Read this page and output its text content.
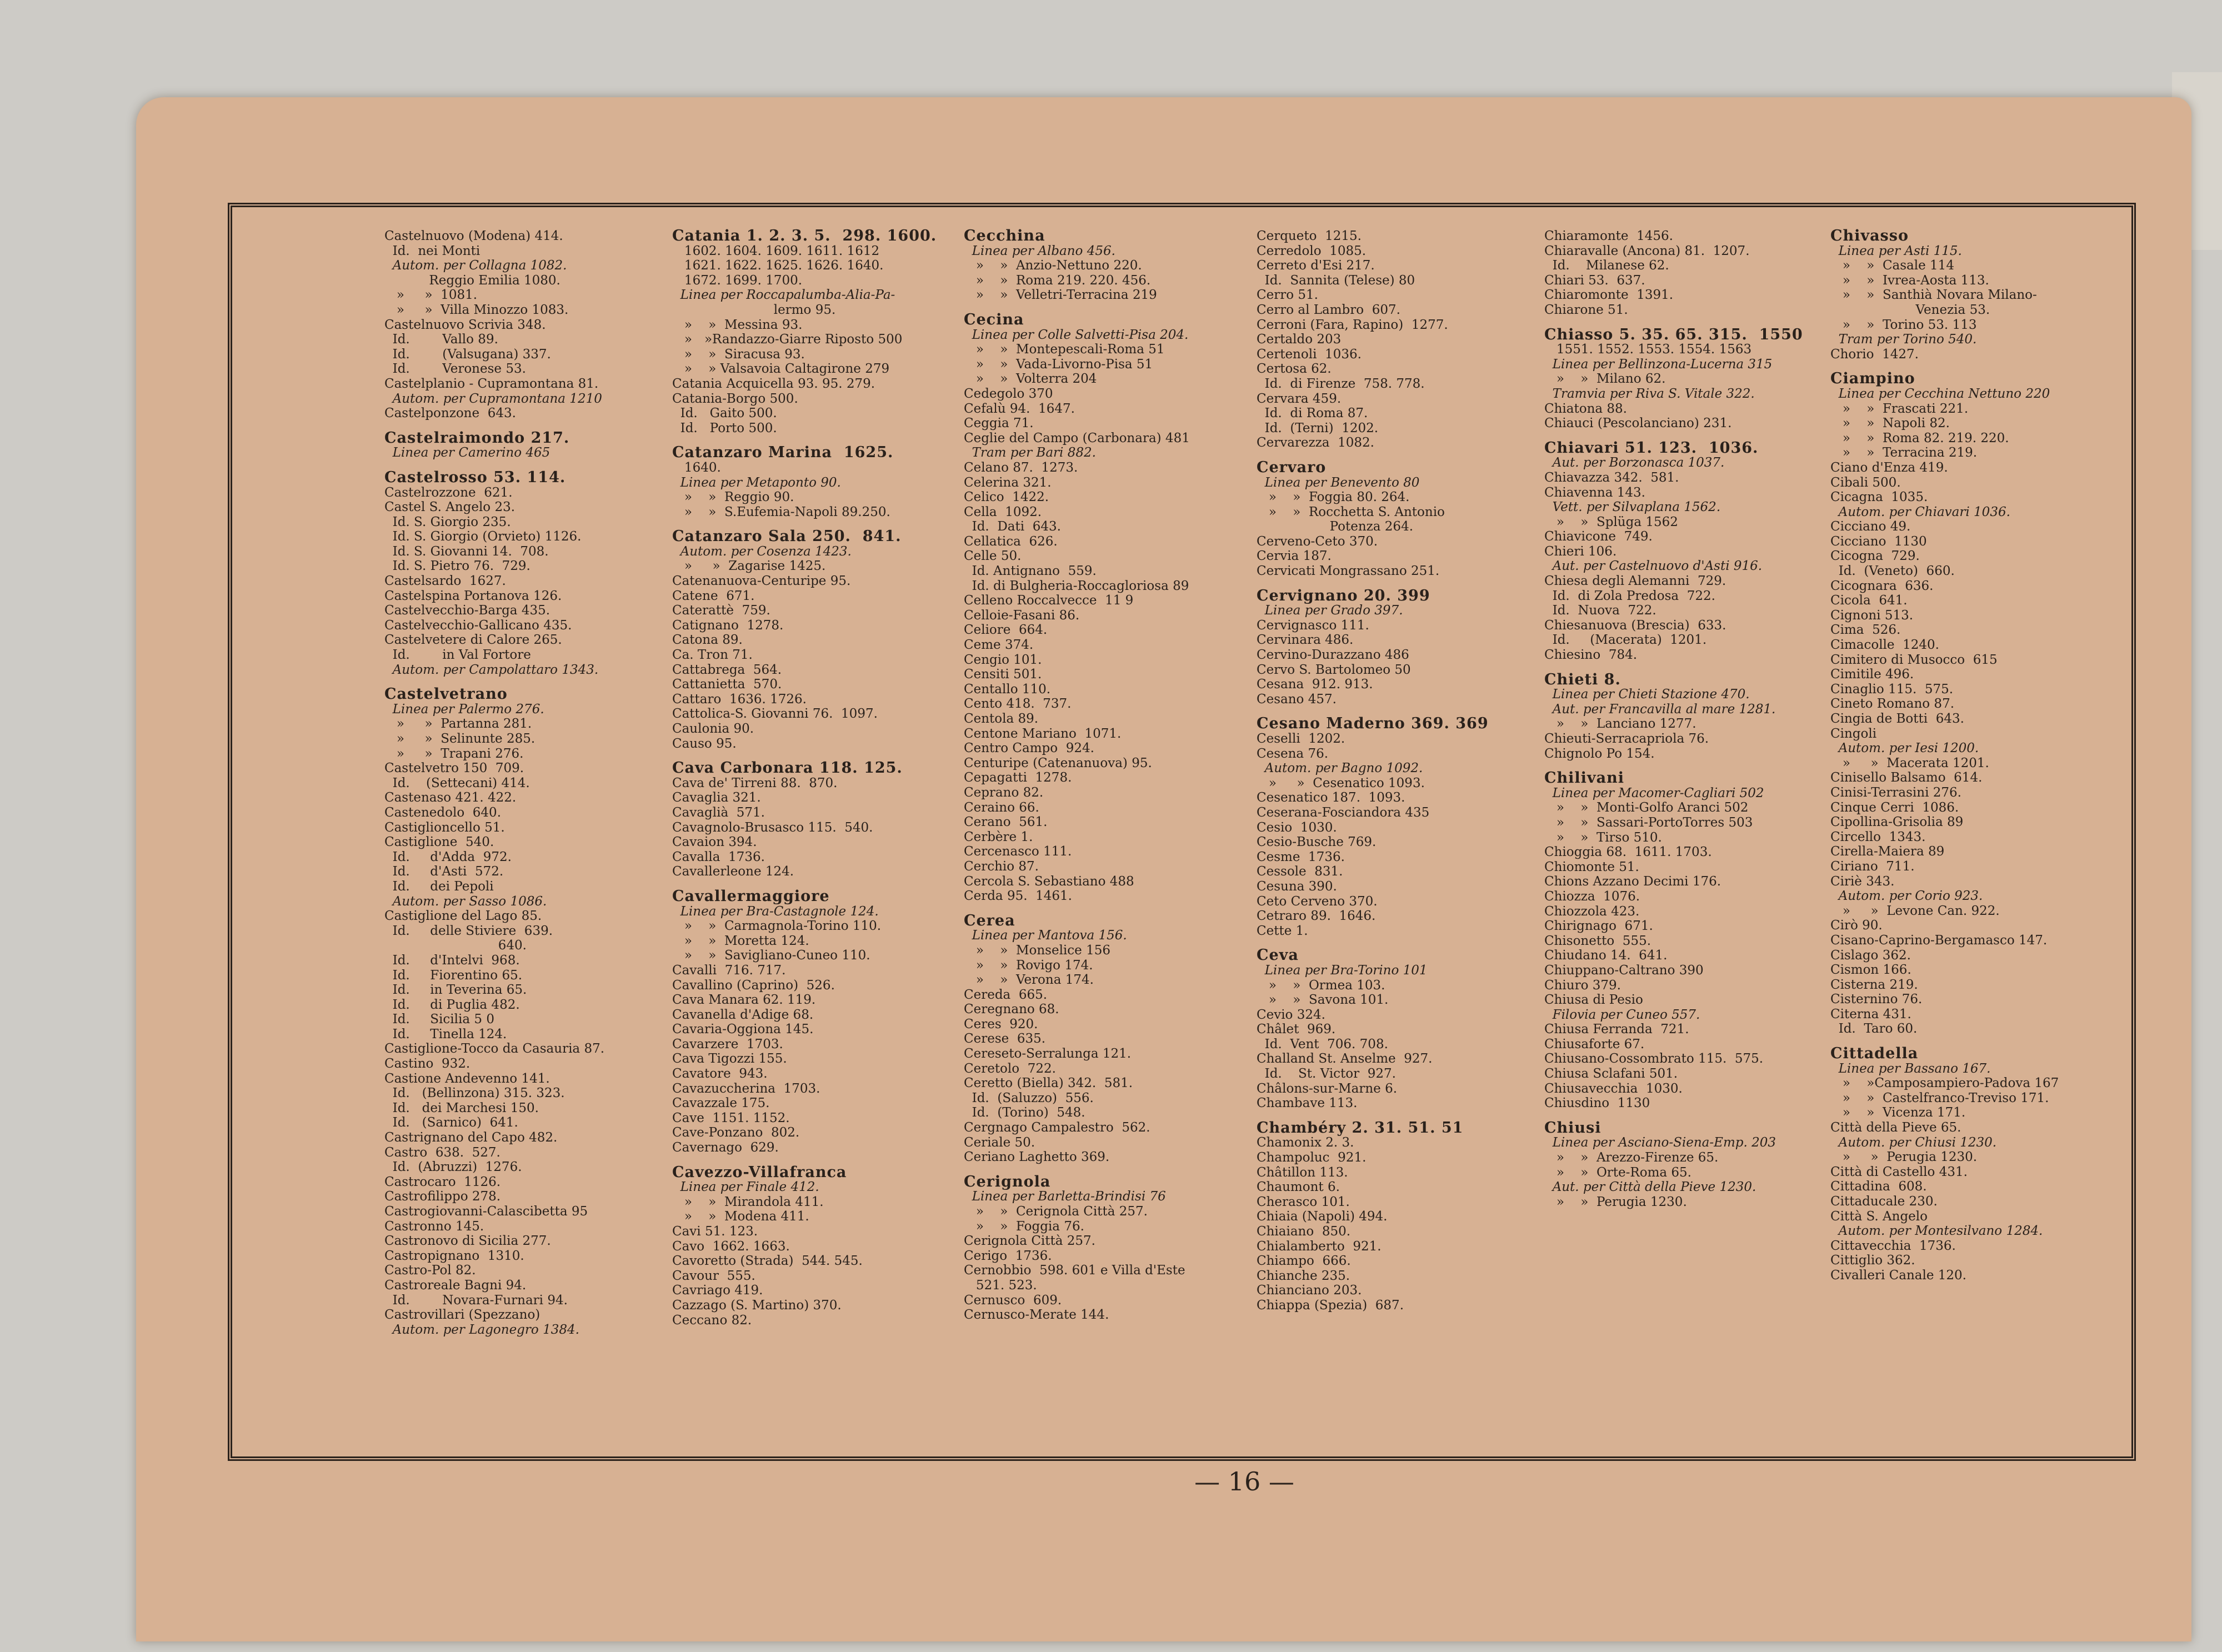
Castelnuovo (Modena) 414.
Id.  nei Monti
Autom. per Collagna 1082.
Reggio Emilia 1080.
»     »  1081.
»     »  Villa Minozzo 1083.
Castelnuovo Scrivia 348.
Id.        Vallo 89.
Id.        (Valsugana) 337.
Id.        Veronese 53.
Castelplanio - Cupramontana 81.
Autom. per Cupramontana 1210
Castelponzone  643.
Castelraimondo 217.
Linea per Camerino 465
Castelrosso 53. 114.
Castelrozzone  621.
Castel S. Angelo 23.
Id. S. Giorgio 235.
Id. S. Giorgio (Orvieto) 1126.
Id. S. Giovanni 14.  708.
Id. S. Pietro 76.  729.
Castelsardo  1627.
Castelspina Portanova 126.
Castelvecchio-Barga 435.
Castelvecchio-Gallicano 435.
Castelvetere di Calore 265.
Id.        in Val Fortore
Autom. per Campolattaro 1343.
Castelvetrano
Linea per Palermo 276.
»     »  Partanna 281.
»     »  Selinunte 285.
»     »  Trapani 276.
Castelvetro 150  709.
Id.    (Settecani) 414.
Castenaso 421. 422.
Castenedolo  640.
Castiglioncello 51.
Castiglione  540.
Id.     d'Adda  972.
Id.     d'Asti  572.
Id.     dei Pepoli
Autom. per Sasso 1086.
Castiglione del Lago 85.
Id.     delle Stiviere  639.
640.
Id.     d'Intelvi  968.
Id.     Fiorentino 65.
Id.     in Teverina 65.
Id.     di Puglia 482.
Id.     Sicilia 5 0
Id.     Tinella 124.
Castiglione-Tocco da Casauria 87.
Castino  932.
Castione Andevenno 141.
Id.   (Bellinzona) 315. 323.
Id.   dei Marchesi 150.
Id.   (Sarnico)  641.
Castrignano del Capo 482.
Castro  638.  527.
Id.  (Abruzzi)  1276.
Castrocaro  1126.
Castrofilippo 278.
Castrogiovanni-Calascibetta 95
Castronno 145.
Castronovo di Sicilia 277.
Castropignano  1310.
Castro-Pol 82.
Castroreale Bagni 94.
Id.        Novara-Furnari 94.
Castrovillari (Spezzano)
Autom. per Lagonegro 1384.
Catania 1. 2. 3. 5.  298. 1600.
1602. 1604. 1609. 1611. 1612
1621. 1622. 1625. 1626. 1640.
1672. 1699. 1700.
Linea per Roccapalumba-Alia-Pa-
lermo 95.
»    »  Messina 93.
»   »Randazzo-Giarre Riposto 500
»    »  Siracusa 93.
»    » Valsavoia Caltagirone 279
Catania Acquicella 93. 95. 279.
Catania-Borgo 500.
Id.   Gaito 500.
Id.   Porto 500.
Catanzaro Marina  1625.
1640.
Linea per Metaponto 90.
»    »  Reggio 90.
»    »  S.Eufemia-Napoli 89.250.
Catanzaro Sala 250.  841.
Autom. per Cosenza 1423.
»     »  Zagarise 1425.
Catenanuova-Centuripe 95.
Catene  671.
Caterattè  759.
Catignano  1278.
Catona 89.
Ca. Tron 71.
Cattabrega  564.
Cattanietta  570.
Cattaro  1636. 1726.
Cattolica-S. Giovanni 76.  1097.
Caulonia 90.
Causo 95.
Cava Carbonara 118. 125.
Cava de' Tirreni 88.  870.
Cavaglia 321.
Cavaglià  571.
Cavagnolo-Brusasco 115.  540.
Cavaion 394.
Cavalla  1736.
Cavallerleone 124.
Cavallermaggiore
Linea per Bra-Castagnole 124.
»    »  Carmagnola-Torino 110.
»    »  Moretta 124.
»    »  Savigliano-Cuneo 110.
Cavalli  716. 717.
Cavallino (Caprino)  526.
Cava Manara 62. 119.
Cavanella d'Adige 68.
Cavaria-Oggiona 145.
Cavarzere  1703.
Cava Tigozzi 155.
Cavatore  943.
Cavazuccherina  1703.
Cavazzale 175.
Cave  1151. 1152.
Cave-Ponzano  802.
Cavernago  629.
Cavezzo-Villafranca
Linea per Finale 412.
»    »  Mirandola 411.
»    »  Modena 411.
Cavi 51. 123.
Cavo  1662. 1663.
Cavoretto (Strada)  544. 545.
Cavour  555.
Cavriago 419.
Cazzago (S. Martino) 370.
Ceccano 82.
Cecchina
Linea per Albano 456.
»    »  Anzio-Nettuno 220.
»    »  Roma 219. 220. 456.
»    »  Velletri-Terracina 219
Cecina
Linea per Colle Salvetti-Pisa 204.
»    »  Montepescali-Roma 51
»    »  Vada-Livorno-Pisa 51
»    »  Volterra 204
Cedegolo 370
Cefalù 94.  1647.
Ceggia 71.
Ceglie del Campo (Carbonara) 481
Tram per Bari 882.
Celano 87.  1273.
Celerina 321.
Celico  1422.
Cella  1092.
Id.  Dati  643.
Cellatica  626.
Celle 50.
Id. Antignano  559.
Id. di Bulgheria-Roccagloriosa 89
Celleno Roccalvecce  11 9
Celloie-Fasani 86.
Celiore  664.
Ceme 374.
Cengio 101.
Censiti 501.
Centallo 110.
Cento 418.  737.
Centola 89.
Centone Mariano  1071.
Centro Campo  924.
Centuripe (Catenanuova) 95.
Cepagatti  1278.
Ceprano 82.
Ceraino 66.
Cerano  561.
Cerbère 1.
Cercenasco 111.
Cerchio 87.
Cercola S. Sebastiano 488
Cerda 95.  1461.
Cerea
Linea per Mantova 156.
»    »  Monselice 156
»    »  Rovigo 174.
»    »  Verona 174.
Cereda  665.
Ceregnano 68.
Ceres  920.
Cerese  635.
Cereseto-Serralunga 121.
Ceretolo  722.
Ceretto (Biella) 342.  581.
Id.  (Saluzzo)  556.
Id.  (Torino)  548.
Cergnago Campalestro  562.
Ceriale 50.
Ceriano Laghetto 369.
Cerignola
Linea per Barletta-Brindisi 76
»    »  Cerignola Città 257.
»    »  Foggia 76.
Cerignola Città 257.
Cerigo  1736.
Cernobbio  598. 601 e Villa d'Este
521. 523.
Cernusco  609.
Cernusco-Merate 144.
Cerqueto  1215.
Cerredolo  1085.
Cerreto d'Esi 217.
Id.  Sannita (Telese) 80
Cerro 51.
Cerro al Lambro  607.
Cerroni (Fara, Rapino)  1277.
Certaldo 203
Certenoli  1036.
Certosa 62.
Id.  di Firenze  758. 778.
Cervara 459.
Id.  di Roma 87.
Id.  (Terni)  1202.
Cervarezza  1082.
Cervaro
Linea per Benevento 80
»    »  Foggia 80. 264.
»    »  Rocchetta S. Antonio
Potenza 264.
Cerveno-Ceto 370.
Cervia 187.
Cervicati Mongrassano 251.
Cervignano 20. 399
Linea per Grado 397.
Cervignasco 111.
Cervinara 486.
Cervino-Durazzano 486
Cervo S. Bartolomeo 50
Cesana  912. 913.
Cesano 457.
Cesano Maderno 369. 369
Ceselli  1202.
Cesena 76.
Autom. per Bagno 1092.
»     »  Cesenatico 1093.
Cesenatico 187.  1093.
Ceserana-Fosciandora 435
Cesio  1030.
Cesio-Busche 769.
Cesme  1736.
Cessole  831.
Cesuna 390.
Ceto Cerveno 370.
Cetraro 89.  1646.
Cette 1.
Ceva
Linea per Bra-Torino 101
»    »  Ormea 103.
»    »  Savona 101.
Cevio 324.
Châlet  969.
Id.  Vent  706. 708.
Challand St. Anselme  927.
Id.    St. Victor  927.
Châlons-sur-Marne 6.
Chambave 113.
Chambéry 2. 31. 51. 51
Chamonix 2. 3.
Champoluc  921.
Châtillon 113.
Chaumont 6.
Cherasco 101.
Chiaia (Napoli) 494.
Chiaiano  850.
Chialamberto  921.
Chiampo  666.
Chianche 235.
Chianciano 203.
Chiappa (Spezia)  687.
Chiaramonte  1456.
Chiaravalle (Ancona) 81.  1207.
Id.    Milanese 62.
Chiari 53.  637.
Chiaromonte  1391.
Chiarone 51.
Chiasso 5. 35. 65. 315.  1550
1551. 1552. 1553. 1554. 1563
Linea per Bellinzona-Lucerna 315
»    »  Milano 62.
Tramvia per Riva S. Vitale 322.
Chiatona 88.
Chiauci (Pescolanciano) 231.
Chiavari 51. 123.  1036.
Aut. per Borzonasca 1037.
Chiavazza 342.  581.
Chiavenna 143.
Vett. per Silvaplana 1562.
»    »  Splüga 1562
Chiavicone  749.
Chieri 106.
Aut. per Castelnuovo d'Asti 916.
Chiesa degli Alemanni  729.
Id.  di Zola Predosa  722.
Id.  Nuova  722.
Chiesanuova (Brescia)  633.
Id.     (Macerata)  1201.
Chiesino  784.
Chieti 8.
Linea per Chieti Stazione 470.
Aut. per Francavilla al mare 1281.
»    »  Lanciano 1277.
Chieuti-Serracapriola 76.
Chignolo Po 154.
Chilivani
Linea per Macomer-Cagliari 502
»    »  Monti-Golfo Aranci 502
»    »  Sassari-PortoTorres 503
»    »  Tirso 510.
Chioggia 68.  1611. 1703.
Chiomonte 51.
Chions Azzano Decimi 176.
Chiozza  1076.
Chiozzola 423.
Chirignago  671.
Chisonetto  555.
Chiudano 14.  641.
Chiuppano-Caltrano 390
Chiuro 379.
Chiusa di Pesio
Filovia per Cuneo 557.
Chiusa Ferranda  721.
Chiusaforte 67.
Chiusano-Cossombrato 115.  575.
Chiusa Sclafani 501.
Chiusavecchia  1030.
Chiusdino  1130
Chiusi
Linea per Asciano-Siena-Emp. 203
»    »  Arezzo-Firenze 65.
»    »  Orte-Roma 65.
Aut. per Città della Pieve 1230.
»    »  Perugia 1230.
Chivasso
Linea per Asti 115.
»    »  Casale 114
»    »  Ivrea-Aosta 113.
»    »  Santhià Novara Milano-
Venezia 53.
»    »  Torino 53. 113
Tram per Torino 540.
Chorio  1427.
Ciampino
Linea per Cecchina Nettuno 220
»    »  Frascati 221.
»    »  Napoli 82.
»    »  Roma 82. 219. 220.
»    »  Terracina 219.
Ciano d'Enza 419.
Cibali 500.
Cicagna  1035.
Autom. per Chiavari 1036.
Cicciano 49.
Cicciano  1130
Cicogna  729.
Id.  (Veneto)  660.
Cicognara  636.
Cicola  641.
Cignoni 513.
Cima  526.
Cimacolle  1240.
Cimitero di Musocco  615
Cimitile 496.
Cinaglio 115.  575.
Cineto Romano 87.
Cingia de Botti  643.
Cingoli
Autom. per Iesi 1200.
»     »  Macerata 1201.
Cinisello Balsamo  614.
Cinisi-Terrasini 276.
Cinque Cerri  1086.
Cipollina-Grisolia 89
Circello  1343.
Cirella-Maiera 89
Ciriano  711.
Ciriè 343.
Autom. per Corio 923.
»     »  Levone Can. 922.
Cirò 90.
Cisano-Caprino-Bergamasco 147.
Cislago 362.
Cismon 166.
Cisterna 219.
Cisternino 76.
Citerna 431.
Id.  Taro 60.
Cittadella
Linea per Bassano 167.
»    »Camposampiero-Padova 167
»    »  Castelfranco-Treviso 171.
»    »  Vicenza 171.
Città della Pieve 65.
Autom. per Chiusi 1230.
»     »  Perugia 1230.
Città di Castello 431.
Cittadina  608.
Cittaducale 230.
Città S. Angelo
Autom. per Montesilvano 1284.
Cittavecchia  1736.
Cittiglio 362.
Civalleri Canale 120.
— 16 —
